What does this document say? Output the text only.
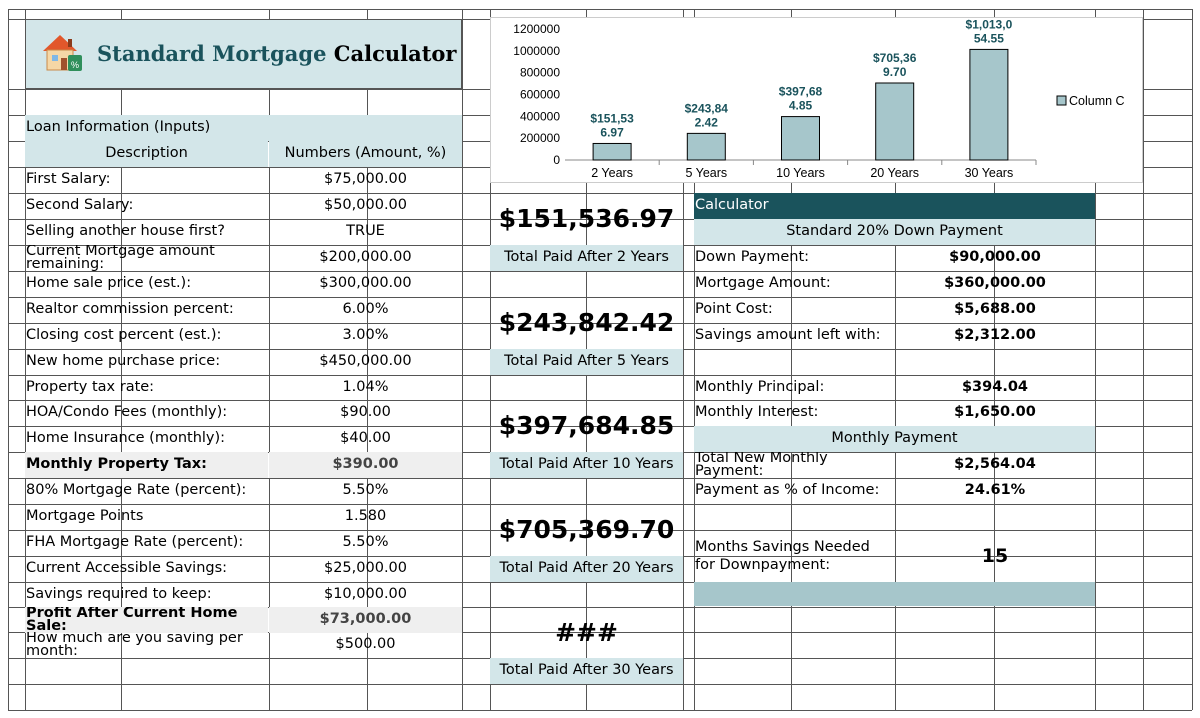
% Standard Mortgage Calculator
Loan Information (Inputs)
Description	Numbers (Amount, %)
First Salary:	$75,000.00
Second Salary:	$50,000.00
Selling another house first?	TRUE
Current Mortgage amount remaining:	$200,000.00
Home sale price (est.):	$300,000.00
Realtor commission percent:	6.00%
Closing cost percent (est.):	3.00%
New home purchase price:	$450,000.00
Property tax rate:	1.04%
HOA/Condo Fees (monthly):	$90.00
Home Insurance (monthly):	$40.00
Monthly Property Tax:	$390.00
80% Mortgage Rate (percent):	5.50%
Mortgage Points	1.580
FHA Mortgage Rate (percent):	5.50%
Current Accessible Savings:	$25,000.00
Savings required to keep:	$10,000.00
Profit After Current Home Sale:	$73,000.00
How much are you saving per month:	$500.00
$151,536.97
Total Paid After 2 Years
$243,842.42
Total Paid After 5 Years
$397,684.85
Total Paid After 10 Years
$705,369.70
Total Paid After 20 Years
###
Total Paid After 30 Years
Calculator
Standard 20% Down Payment
Down Payment:	$90,000.00
Mortgage Amount:	$360,000.00
Point Cost:	$5,688.00
Savings amount left with:	$2,312.00
Monthly Principal:	$394.04
Monthly Interest:	$1,650.00
Total New Monthly Payment:	$2,564.04
Payment as % of Income:	24.61%
Monthly Payment
Months Savings Needed for Downpayment:	15
0
200000
400000
600000
800000
1000000
1200000
2 Years
$151,53
6.97
5 Years
$243,84
2.42
10 Years
$397,68
4.85
20 Years
$705,36
9.70
30 Years
$1,013,0
54.55
Column C
